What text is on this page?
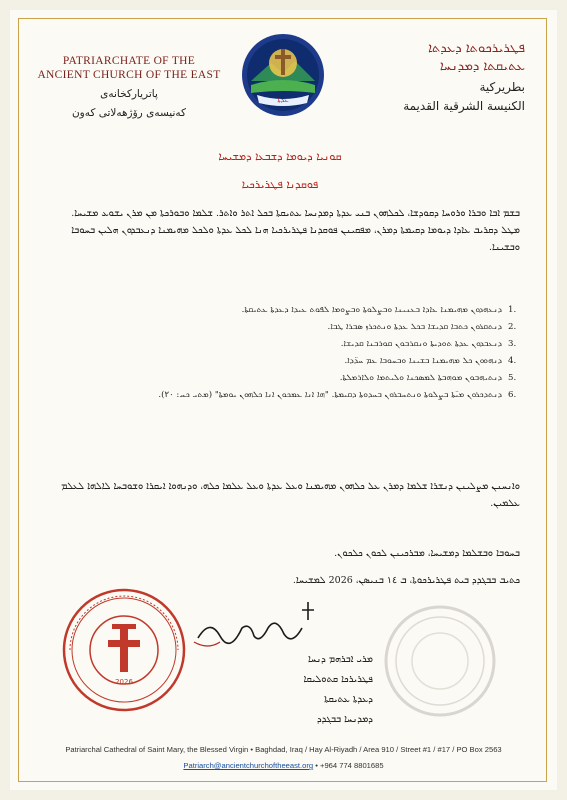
PATRIARCHATE OF THE
ANCIENT CHURCH OF THE EAST
پاتریارکخانەی
کەنیسەی رۆژھەلاتی کەون
ܥܕܬܐ
ܦܛܪܝܪܟܘܬܐ ܕܥܕܬܐ
ܥܬܝܩܬܐ ܕܡܕܢܚܐ
بطريركية
الكنيسة الشرقية القديمة
ܩܘܢܝܐ ܕܝܘܡܐ ܕܫܒܥܐ ܕܡܫܝܚܐ
ܦܘܩܕܢܐ ܦܛܪܝܪܟܝܐ
ܒܫܡ ܐܒܐ ܘܒܪܐ ܘܪܘܚܐ ܕܩܘܕܫܐ، ܠܟܠܗܘܢ ܒܢܝ ܥܕܬܐ ܕܡܕܢܚܐ ܥܬܝܩܬܐ ܒܟܠ ܐܬܪ ܘܐܬܪ. ܫܠܡܐ ܘܒܘܪܟܬܐ ܡܢ ܡܪܢ ܝܫܘܥ ܡܫܝܚܐ. ܡܛܠ ܕܩܪܝܒ ܥܐܕܐ ܕܝܘܡܐ ܕܩܝܡܬܐ ܕܡܪܢ، ܡܦܩܝܢܢ ܦܘܩܕܢܐ ܦܛܪܝܪܟܝܐ ܗܢܐ ܠܟܠ ܥܕܬܐ ܘܠܟܠ ܡܗܝܡܢܐ ܕܢܥܒܕܘܢ ܗܠܝܢ ܒܚܘܒܐ ܘܒܫܝܢܐ.
.1
ܕܢܥܗܕܘܢ ܡܗܝܡܢܐ ܥܐܕܐ ܒܥܢܝܢܐ ܘܒܨܠܘܬܐ ܘܒܨܘܡܐ ܠܦܘܬ ܥܝܕܐ ܕܥܕܬܐ ܥܬܝܩܬܐ.
.2
ܕܢܬܩܪܘܢ ܟܬܒܐ ܩܕܝܫܐ ܒܟܠ ܥܕܬܐ ܘܢܬܟܪܙ ܣܒܪܐ ܛܒܐ.
.3
ܕܢܥܒܕܘܢ ܥܕܬܐ ܬܘܕܝܬܐ ܘܢܩܪܒܘܢ ܩܘܪܒܢܐ ܩܕܝܫܐ.
.4
ܕܢܗܘܘܢ ܟܠ ܡܗܝܡܢܐ ܒܫܝܢܐ ܘܒܚܘܒܐ ܥܡ ܚܕ̈ܕܐ.
.5
ܕܢܬܝܗܒܘܢ ܡܘܗܒܬܐ ܠܡܣܟܢܐ ܘܠܝܬܡܐ ܘܠܐܪܡܠܬܐ.
.6
ܕܢܬܕܟܪܘܢ ܡܝ̈ܬܐ ܒܨܠܘܬܐ ܘܢܬܚܒܪܘܢ ܒܚܕܘܬܐ ܕܩܝܡܬܐ. "ܗܐ ܐܢܐ ܥܡܟܘܢ ܐܢܐ ܟܠܗܘܢ ܝܘܡܬܐ" (ܡܬܝ ܟܚ: ٢٠).
ܘܐܢܚܢܢ ܡܨܠܝܢܢ ܕܢܫܪܐ ܫܠܡܐ ܕܡܪܢ ܥܠ ܟܠܗܘܢ ܡܗܝܡܢܐ ܘܥܠ ܥܕܬܐ ܘܥܠ ܥܠܡܐ ܟܠܗ، ܘܕܢܗܘܐ ܐܝܩܪܐ ܘܫܘܒܚܐ ܠܐܠܗܐ ܠܥܠܡ ܥܠܡܝܢ.
ܒܚܘܒܐ ܘܒܫܠܡܐ ܕܡܫܝܚܐ، ܡܒܪܟܝܢܢ ܠܟܘܢ ܟܠܟܘܢ.
ܟܬܝܒ ܒܒܓܕܕ ܒܝܬ ܦܛܪܝܪܟܘܬܐ، ܒ ١٤ ܒܢܝܣܢ، 2026 ܠܡܫܝܚܐ.
2026
ܡܪܝ ܐܒܪܗܡ ܕܢܚܐ
ܦܛܪܝܪܟܐ ܩܬܘܠܝܩܐ
ܕܥܕܬܐ ܥܬܝܩܬܐ
ܕܡܕܢܚܐ ܒܒܓܕܕ
Patriarchal Cathedral of Saint Mary, the Blessed Virgin • Baghdad, Iraq / Hay Al-Riyadh / Area 910 / Street #1 / #17 / PO Box 2563
Patriarch@ancientchurchoftheeast.org • +964 774 8801685
